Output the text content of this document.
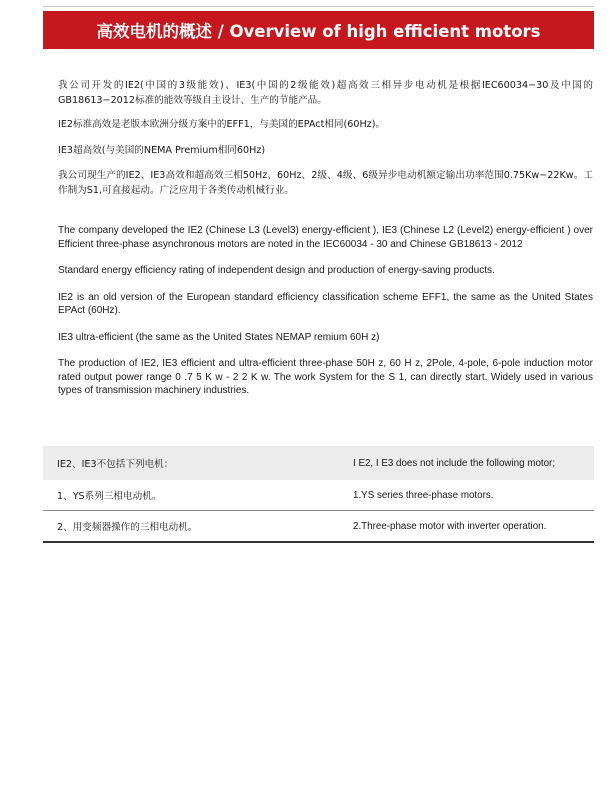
高效电机的概述 / Overview of high efficient motors

我公司开发的IE2(中国的3级能效)、IE3(中国的2级能效)超高效三相异步电动机是根据IEC60034−30及中国的GB18613−2012标准的能效等级自主设计、生产的节能产品。

IE2标准高效是老版本欧洲分级方案中的EFF1，与美国的EPAct相同(60Hz)。

IE3超高效(与美国的NEMA Premium相同60Hz)

我公司现生产的IE2、IE3高效和超高效三相50Hz、60Hz、2级、4级、6级异步电动机额定输出功率范围0.75Kw−22Kw。工作制为S1,可直接起动。广泛应用于各类传动机械行业。

The company developed the IE2 (Chinese L3 (Level3) energy-efficient ), IE3 (Chinese L2 (Level2) energy-efficient ) over Efficient three-phase asynchronous motors are noted in the IEC60034 - 30 and Chinese GB18613 - 2012

Standard energy efficiency rating of independent design and production of energy-saving products.

IE2 is an old version of the European standard efficiency classification scheme EFF1, the same as the United States EPAct (60Hz).

IE3 ultra-efficient (the same as the United States NEMAP remium 60H z)

The production of IE2, IE3 efficient and ultra-efficient three-phase 50H z, 60 H z, 2Pole, 4-pole, 6-pole induction motor rated output power range 0 .7 5 K w - 2 2 K w. The work System for the S 1, can directly start. Widely used in various types of transmission machinery industries.

IE2、IE3不包括下列电机：	I E2, I E3 does not include the following motor;
1、YS系列三相电动机。	1.YS series three-phase motors.
2、用变频器操作的三相电动机。	2.Three-phase motor with inverter operation.
